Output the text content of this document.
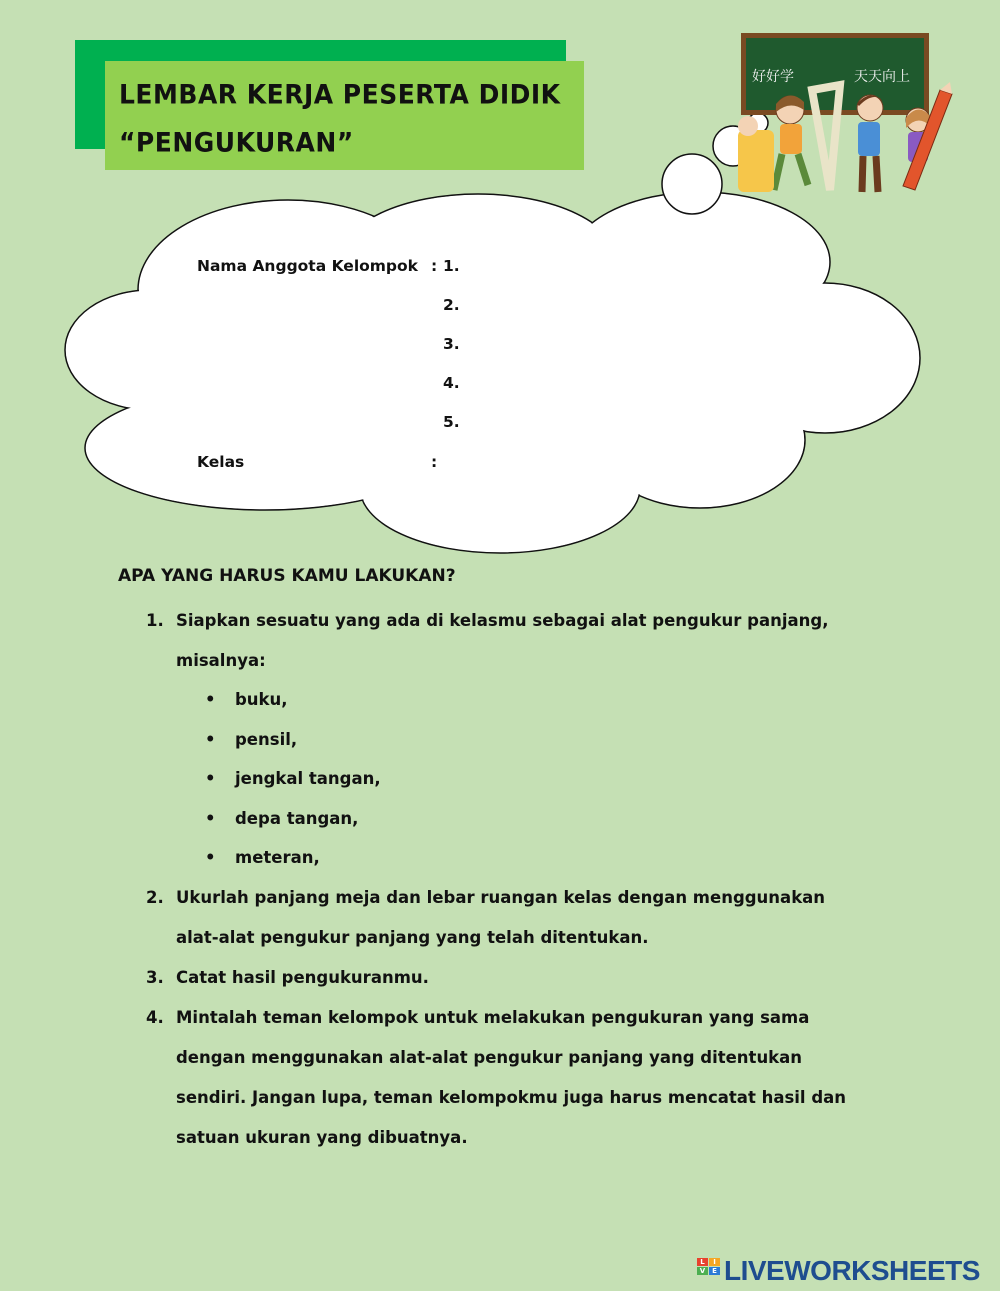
LEMBAR KERJA PESERTA DIDIK
“PENGUKURAN”
好好学	天天向上
Nama Anggota Kelompok : 1.
2.
3.
4.
5.
Kelas	:
APA YANG HARUS KAMU LAKUKAN?
1. Siapkan sesuatu yang ada di kelasmu sebagai alat pengukur panjang,
misalnya:
• buku,
• pensil,
• jengkal tangan,
• depa tangan,
• meteran,
2. Ukurlah panjang meja dan lebar ruangan kelas dengan menggunakan
alat-alat pengukur panjang yang telah ditentukan.
3. Catat hasil pengukuranmu.
4. Mintalah teman kelompok untuk melakukan pengukuran yang sama
dengan menggunakan alat-alat pengukur panjang yang ditentukan
sendiri. Jangan lupa, teman kelompokmu juga harus mencatat hasil dan
satuan ukuran yang dibuatnya.
L	I
V E LIVEWORKSHEETS
